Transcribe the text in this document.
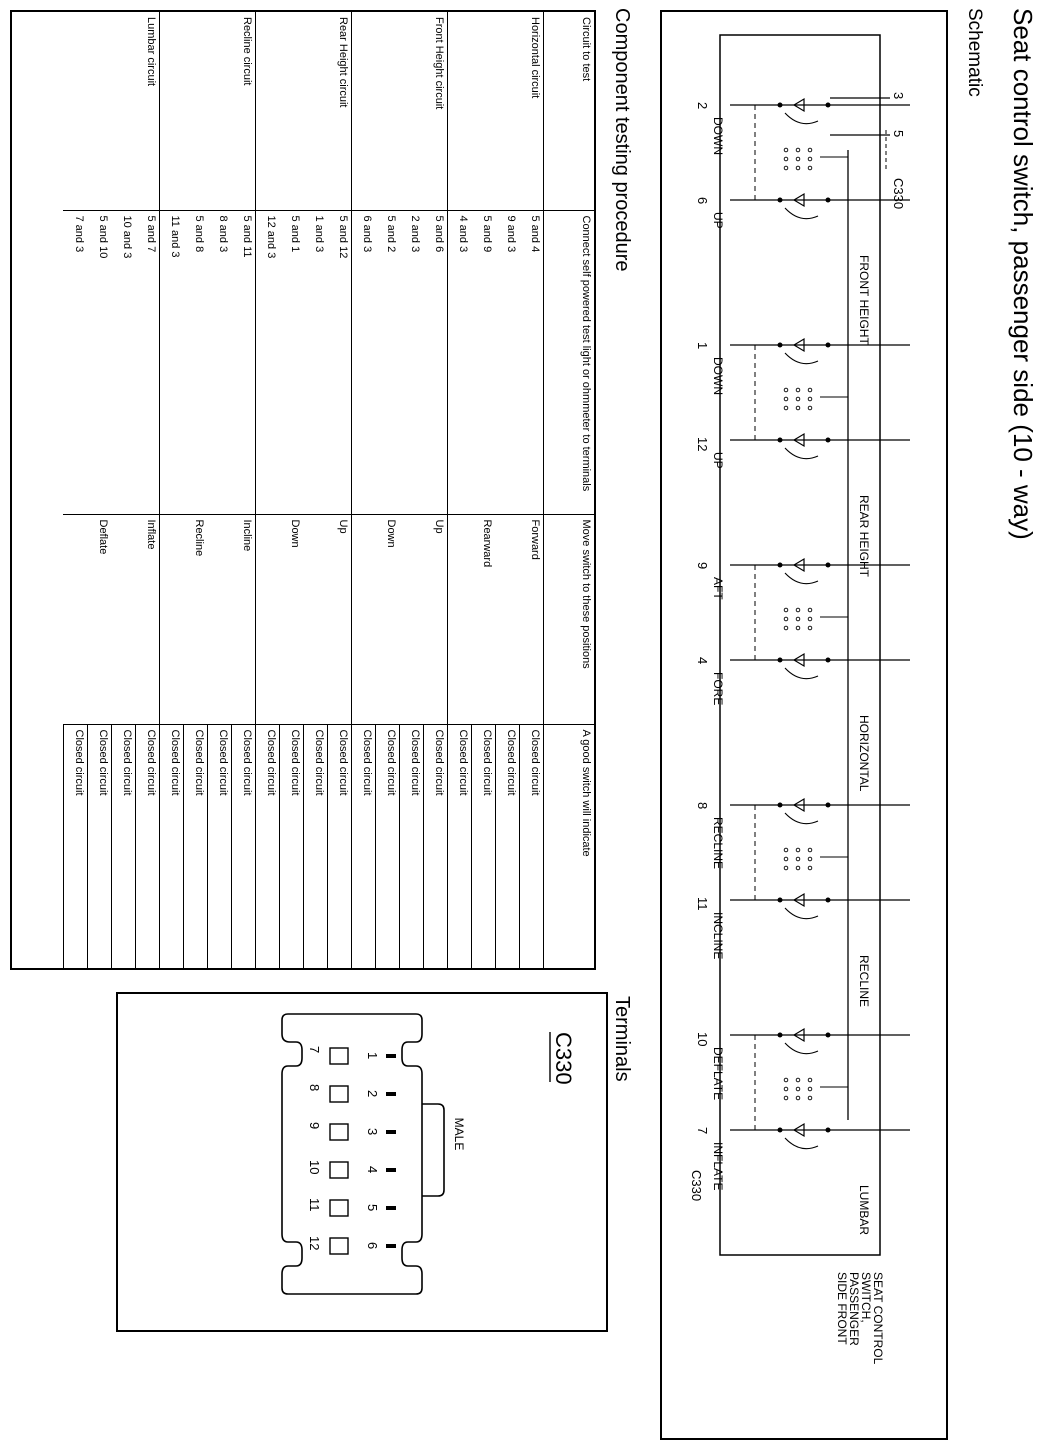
Seat control switch, passenger side (10 - way)
Schematic
Component testing procedure
Terminals
C330
3
5
C330
SEAT CONTROL
SWITCH,
PASSENGER
SIDE FRONT
FRONT HEIGHT
2
DOWN
6
UP
REAR HEIGHT
1
DOWN
12
UP
HORIZONTAL
9
AFT
4
FORE
RECLINE
8
RECLINE
11
INCLINE
LUMBAR
10
DEFLATE
7
INFLATE
Circuit to test	Connect self powered test light or ohmmeter to terminals	Move switch to these positions	A good switch will indicate
Horizontal circuit	5 and 4	Forward	Closed circuit
	9 and 3		Closed circuit
	5 and 9	Rearward	Closed circuit
	4 and 3		Closed circuit
Front Height circuit	5 and 6	Up	Closed circuit
	2 and 3		Closed circuit
	5 and 2	Down	Closed circuit
	6 and 3		Closed circuit
Rear Height circuit	5 and 12	Up	Closed circuit
	1 and 3		Closed circuit
	5 and 1	Down	Closed circuit
	12 and 3		Closed circuit
Recline circuit	5 and 11	Incline	Closed circuit
	8 and 3		Closed circuit
	5 and 8	Recline	Closed circuit
	11 and 3		Closed circuit
Lumbar circuit	5 and 7	Inflate	Closed circuit
	10 and 3		Closed circuit
	5 and 10	Deflate	Closed circuit
	7 and 3		Closed circuit
C330
MALE
1
2
3
4
5
6
7
8
9
10
11
12
